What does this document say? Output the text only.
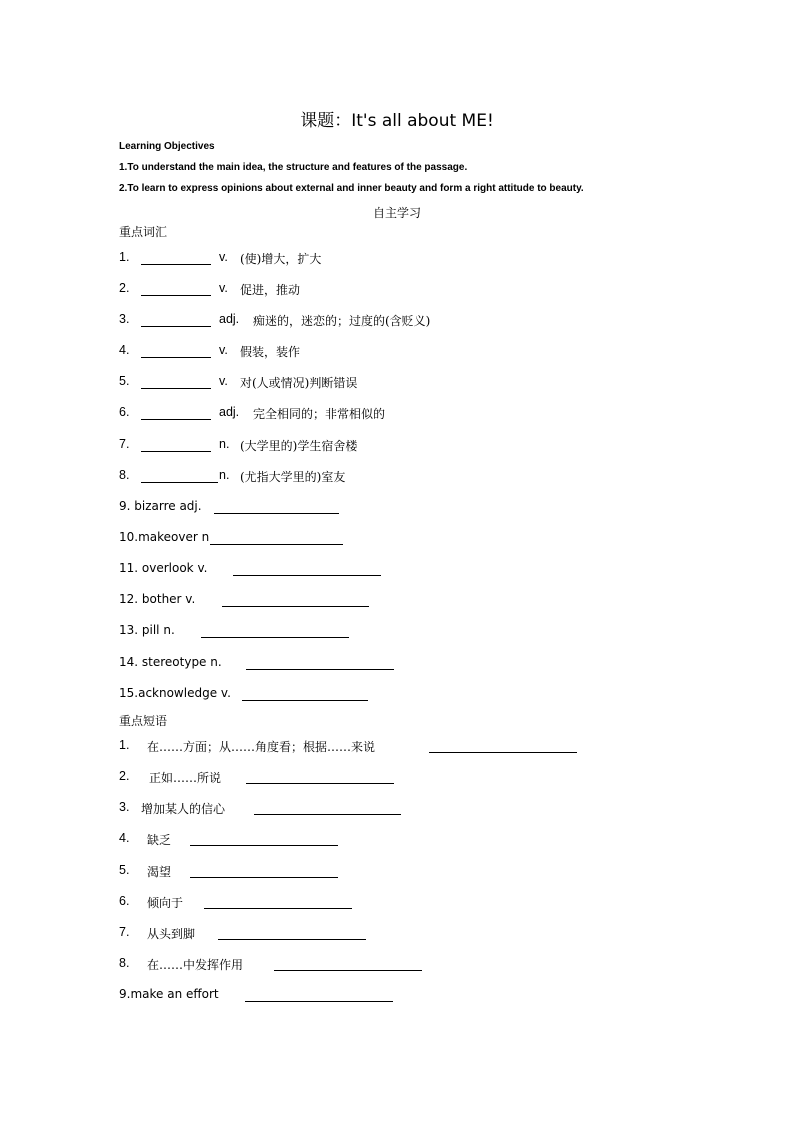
课题：It's all about ME!
Learning Objectives
1.To understand the main idea, the structure and features of the passage.
2.To learn to express opinions about external and inner beauty and form a right attitude to beauty.
自主学习
重点词汇
1.	v. (使)增大，扩大
2.	v. 促进，推动
3.	adj. 痴迷的，迷恋的；过度的(含贬义)
4.	v. 假装，装作
5.	v. 对(人或情况)判断错误
6.	adj. 完全相同的；非常相似的
7.	n. (大学里的)学生宿舍楼
8.	n. (尤指大学里的)室友
9. bizarre adj.
10.makeover n
11. overlook v.
12. bother v.
13. pill n.
14. stereotype n.
15.acknowledge v.
重点短语
1. 在……方面；从……角度看；根据……来说
2. 正如……所说
3. 增加某人的信心
4. 缺乏
5. 渴望
6. 倾向于
7. 从头到脚
8. 在……中发挥作用
9.make an effort
